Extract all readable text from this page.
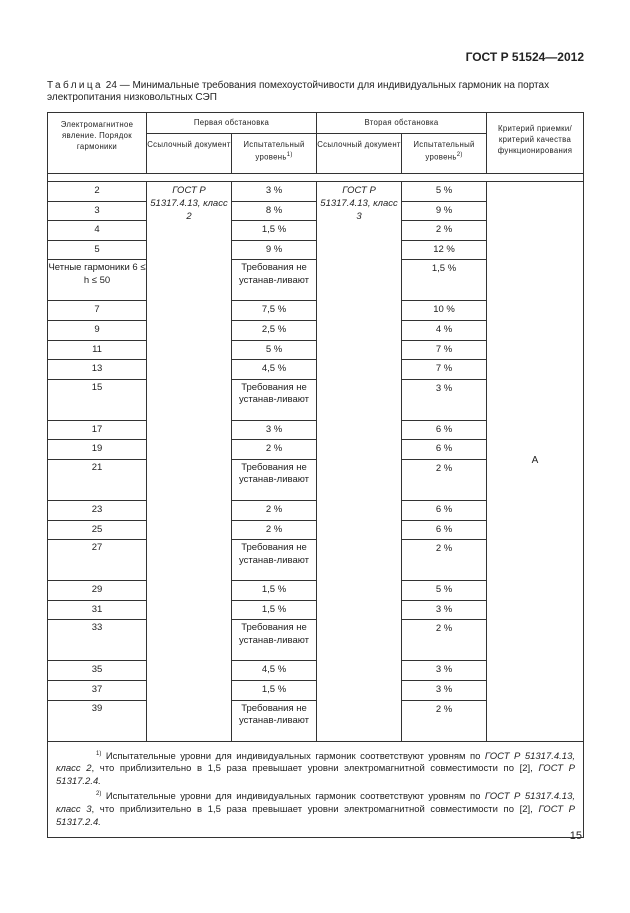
ГОСТ Р 51524—2012
Таблица 24 — Минимальные требования помехоустойчивости для индивидуальных гармоник на портах электропитания низковольтных СЭП
Электромагнитное явление. Порядок гармоники	Первая обстановка		Вторая обстановка		Критерий приемки/ критерий качества функционирования
	Ссылочный документ	Испытательный уровень$^{1)}$	Ссылочный документ	Испытательный уровень$^{2)}$

2	ГОСТ Р 51317.4.13, класс 2	3 %	ГОСТ Р 51317.4.13, класс 3	5 %	А
3		8 %		9 %	
4		1,5 %		2 %	
5		9 %		12 %	
Четные гармоники 6 ≤ h ≤ 50		Требования не устанав-ливают		1,5 %	
7		7,5 %		10 %	
9		2,5 %		4 %	
11		5 %		7 %	
13		4,5 %		7 %	
15		Требования не устанав-ливают		3 %	
17		3 %		6 %	
19		2 %		6 %	
21		Требования не устанав-ливают		2 %	
23		2 %		6 %	
25		2 %		6 %	
27		Требования не устанав-ливают		2 %	
29		1,5 %		5 %	
31		1,5 %		3 %	
33		Требования не устанав-ливают		2 %	
35		4,5 %		3 %	
37		1,5 %		3 %	
39		Требования не устанав-ливают		2 %	

$^{1)}$ Испытательные уровни для индивидуальных гармоник соответствуют уровням по ГОСТ Р 51317.4.13, класс 2, что приблизительно в 1,5 раза превышает уровни электромагнитной совместимости по [2], ГОСТ Р 51317.2.4.

$^{2)}$ Испытательные уровни для индивидуальных гармоник соответствуют уровням по ГОСТ Р 51317.4.13, класс 3, что приблизительно в 1,5 раза превышает уровни электромагнитной совместимости по [2], ГОСТ Р 51317.2.4.					

15
